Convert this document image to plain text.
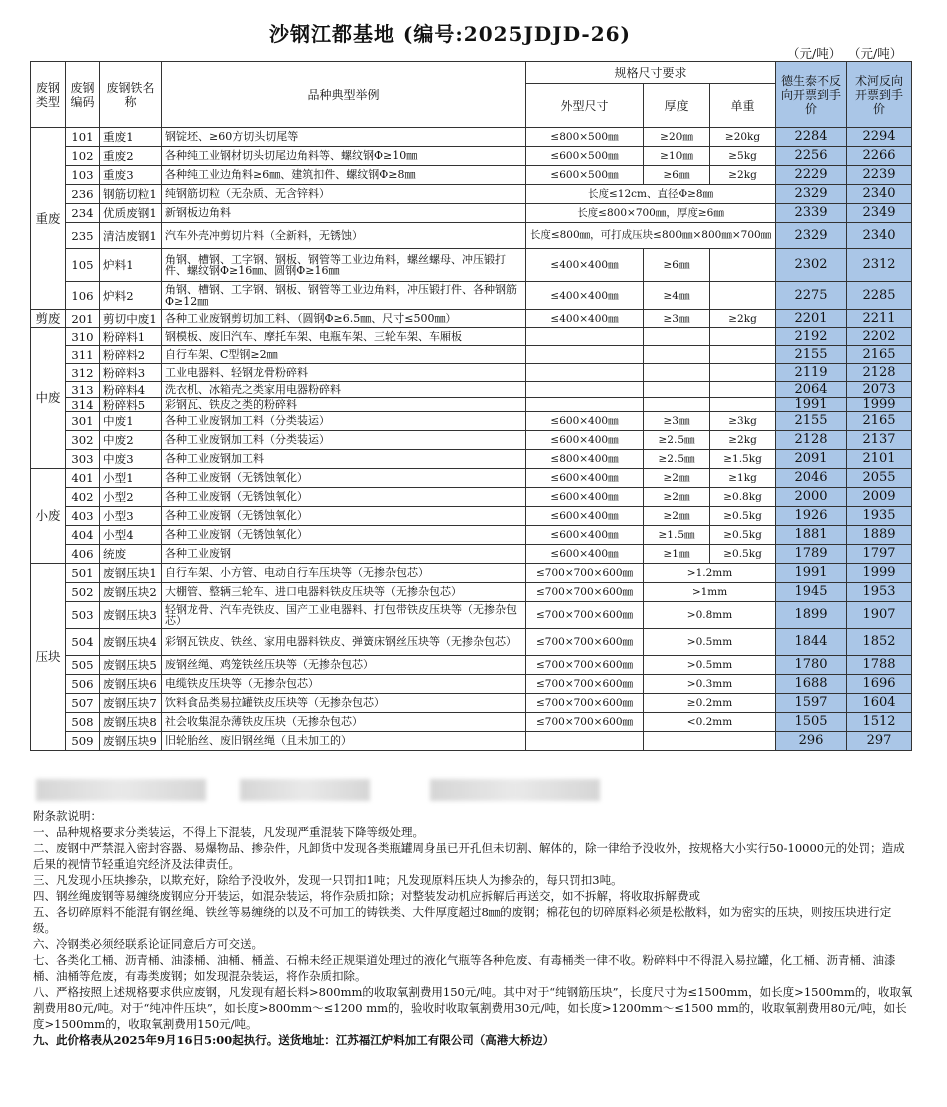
沙钢江都基地 (编号:2025JDJD-26)
（元/吨） （元/吨）
废钢类型	废钢编码	废钢铁名称	品种典型举例	规格尺寸要求			德生泰不反向开票到手价	术河反向开票到手价
				外型尺寸	厚度	单重		
重废	101	重废1	钢锭坯、≥60方切头切尾等	≤800×500㎜	≥20㎜	≥20kg	2284	2294
	102	重废2	各种纯工业钢材切头切尾边角料等、螺纹钢Φ≥10㎜	≤600×500㎜	≥10㎜	≥5kg	2256	2266
	103	重废3	各种纯工业边角料≥6㎜、建筑扣件、螺纹钢Φ≥8㎜	≤600×500㎜	≥6㎜	≥2kg	2229	2239
	236	钢筋切粒1	纯钢筋切粒（无杂质、无含锌料）	长度≤12cm、直径Φ≥8㎜			2329	2340
	234	优质废钢1	新钢板边角料	长度≤800×700㎜，厚度≥6㎜			2339	2349
	235	清洁废钢1	汽车外壳冲剪切片料（全新料，无锈蚀）	长度≤800㎜，可打成压块≤800㎜×800㎜×700㎜			2329	2340
	105	炉料1	角钢、槽钢、工字钢、钢板、钢管等工业边角料，螺丝螺母、冲压锻打件、螺纹钢Φ≥16㎜、圆钢Φ≥16㎜	≤400×400㎜	≥6㎜		2302	2312
	106	炉料2	角钢、槽钢、工字钢、钢板、钢管等工业边角料，冲压锻打件、各种钢筋Φ≥12㎜	≤400×400㎜	≥4㎜		2275	2285
剪废	201	剪切中废1	各种工业废钢剪切加工料、（圆钢Φ≥6.5㎜、尺寸≤500㎜）	≤400×400㎜	≥3㎜	≥2kg	2201	2211
中废	310	粉碎料1	钢模板、废旧汽车、摩托车架、电瓶车架、三轮车架、车厢板				2192	2202
	311	粉碎料2	自行车架、C型钢≥2㎜				2155	2165
	312	粉碎料3	工业电器料、轻钢龙骨粉碎料				2119	2128
	313	粉碎料4	洗衣机、冰箱壳之类家用电器粉碎料				2064	2073
	314	粉碎料5	彩钢瓦、铁皮之类的粉碎料				1991	1999
	301	中废1	各种工业废钢加工料（分类装运）	≤600×400㎜	≥3㎜	≥3kg	2155	2165
	302	中废2	各种工业废钢加工料（分类装运）	≤600×400㎜	≥2.5㎜	≥2kg	2128	2137
	303	中废3	各种工业废钢加工料	≤800×400㎜	≥2.5㎜	≥1.5kg	2091	2101
小废	401	小型1	各种工业废钢（无锈蚀氧化）	≤600×400㎜	≥2㎜	≥1kg	2046	2055
	402	小型2	各种工业废钢（无锈蚀氧化）	≤600×400㎜	≥2㎜	≥0.8kg	2000	2009
	403	小型3	各种工业废钢（无锈蚀氧化）	≤600×400㎜	≥2㎜	≥0.5kg	1926	1935
	404	小型4	各种工业废钢（无锈蚀氧化）	≤600×400㎜	≥1.5㎜	≥0.5kg	1881	1889
	406	统废	各种工业废钢	≤600×400㎜	≥1㎜	≥0.5kg	1789	1797
压块	501	废钢压块1	自行车架、小方管、电动自行车压块等（无掺杂包芯）	≤700×700×600㎜	>1.2mm		1991	1999
	502	废钢压块2	大棚管、整辆三轮车、进口电器料铁皮压块等（无掺杂包芯）	≤700×700×600㎜	>1mm		1945	1953
	503	废钢压块3	轻钢龙骨、汽车壳铁皮、国产工业电器料、打包带铁皮压块等（无掺杂包芯）	≤700×700×600㎜	>0.8mm		1899	1907
	504	废钢压块4	彩钢瓦铁皮、铁丝、家用电器料铁皮、弹簧床钢丝压块等（无掺杂包芯）	≤700×700×600㎜	>0.5mm		1844	1852
	505	废钢压块5	废钢丝绳、鸡笼铁丝压块等（无掺杂包芯）	≤700×700×600㎜	>0.5mm		1780	1788
	506	废钢压块6	电缆铁皮压块等（无掺杂包芯）	≤700×700×600㎜	>0.3mm		1688	1696
	507	废钢压块7	饮料食品类易拉罐铁皮压块等（无掺杂包芯）	≤700×700×600㎜	≥0.2mm		1597	1604
	508	废钢压块8	社会收集混杂薄铁皮压块（无掺杂包芯）	≤700×700×600㎜	<0.2mm		1505	1512
	509	废钢压块9	旧轮胎丝、废旧钢丝绳（且未加工的）				296	297

附条款说明：

一、品种规格要求分类装运，不得上下混装，凡发现严重混装下降等级处理。

二、废钢中严禁混入密封容器、易爆物品、掺杂件，凡卸货中发现各类瓶罐周身虽已开孔但未切割、解体的，除一律给予没收外，按规格大小实行50-10000元的处罚；造成后果的视情节轻重追究经济及法律责任。

三、凡发现小压块掺杂，以欺充好，除给予没收外，发现一只罚扣1吨；凡发现原料压块人为掺杂的，每只罚扣3吨。

四、钢丝绳废钢等易缠绕废钢应分开装运，如混杂装运，将作杂质扣除；对整装发动机应拆解后再送交，如不拆解，将收取拆解费或

五、各切碎原料不能混有钢丝绳、铁丝等易缠绕的以及不可加工的铸铁类、大件厚度超过8㎜的废钢；棉花包的切碎原料必须是松散料，如为密实的压块，则按压块进行定级。

六、冷钢类必须经联系论证同意后方可交送。

七、各类化工桶、沥青桶、油漆桶、油桶、桶盖、石棉未经正规渠道处理过的液化气瓶等各种危废、有毒桶类一律不收。粉碎料中不得混入易拉罐，化工桶、沥青桶、油漆桶、油桶等危废，有毒类废钢；如发现混杂装运，将作杂质扣除。

八、严格按照上述规格要求供应废钢，凡发现有超长料>800mm的收取氧割费用150元/吨。其中对于“纯钢筋压块”，长度尺寸为≤1500mm，如长度>1500mm的，收取氧割费用80元/吨。对于“纯冲件压块”，如长度>800mm～≤1200 mm的，验收时收取氧割费用30元/吨，如长度>1200mm～≤1500 mm的，收取氧割费用80元/吨，如长度>1500mm的，收取氧割费用150元/吨。

九、此价格表从2025年9月16日5:00起执行。送货地址：江苏福江炉料加工有限公司（高港大桥边）
